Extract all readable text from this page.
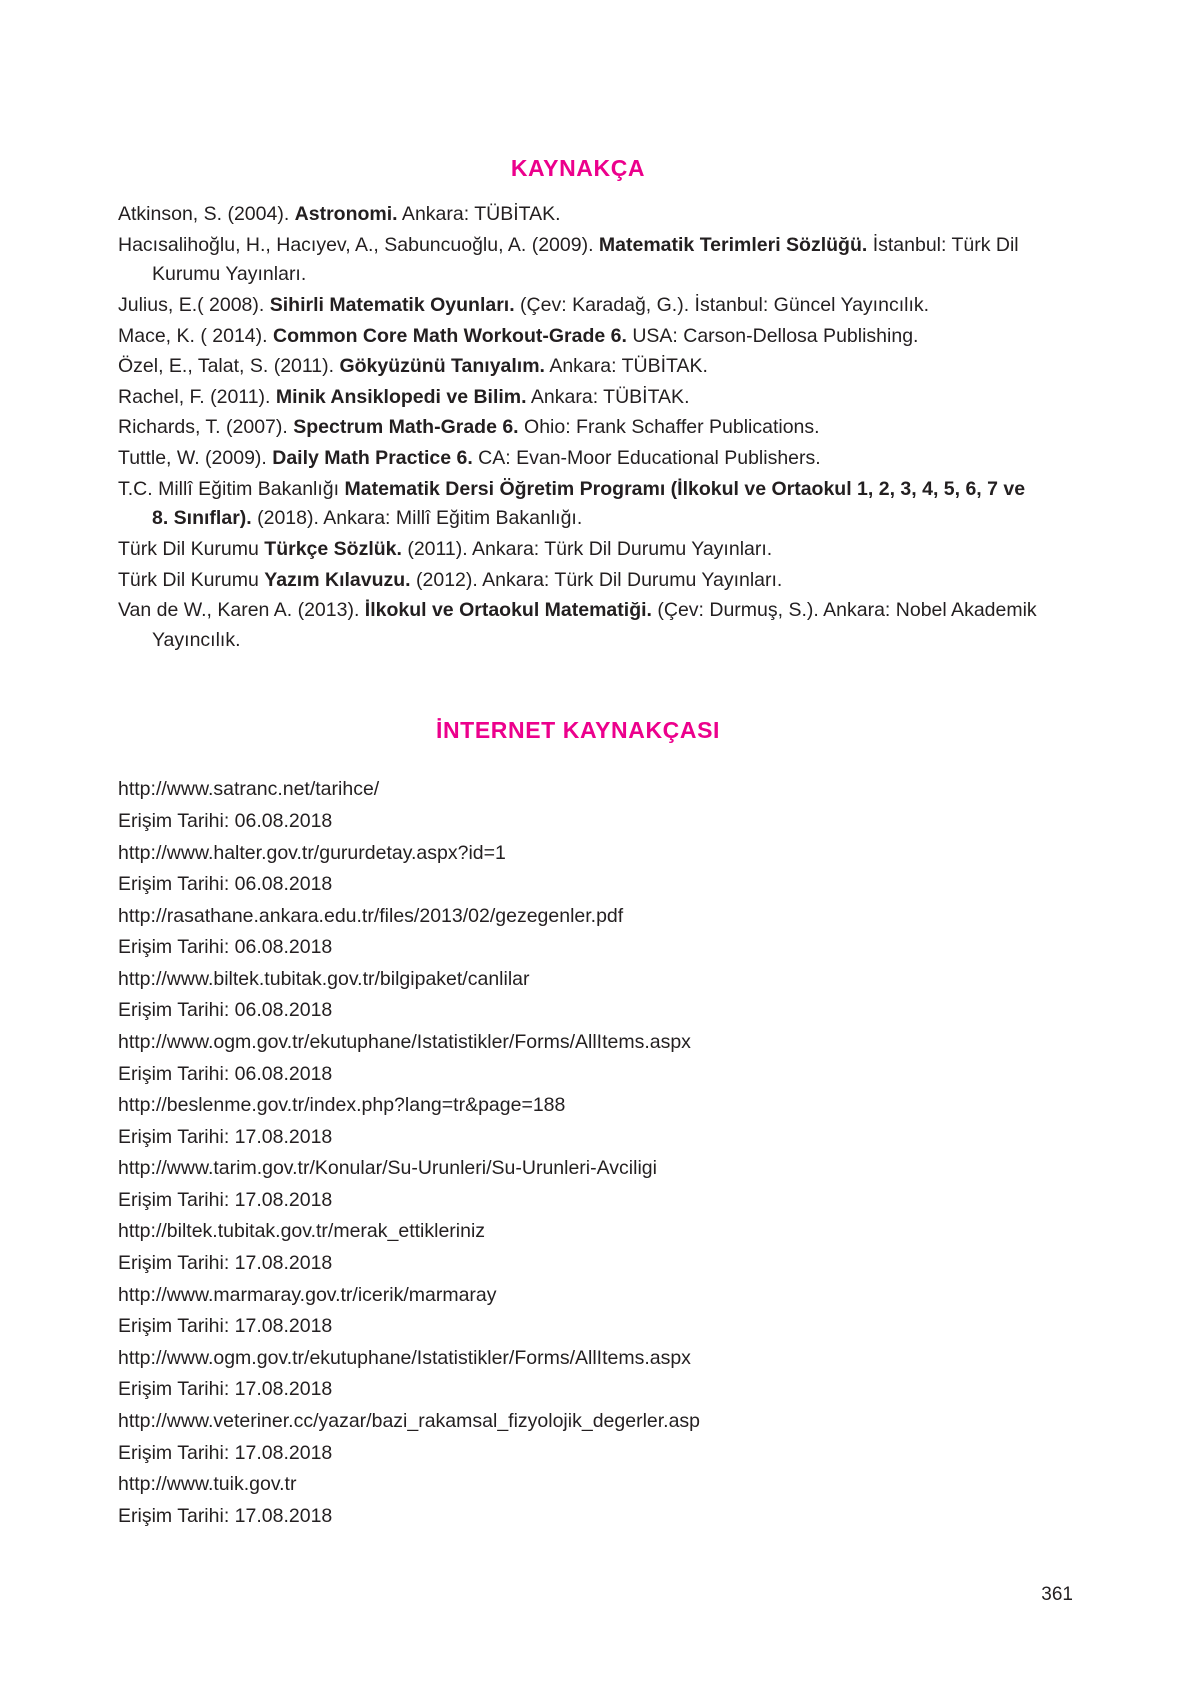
KAYNAKÇA
Atkinson, S. (2004). Astronomi. Ankara: TÜBİTAK.
Hacısalihoğlu, H., Hacıyev, A., Sabuncuoğlu, A. (2009). Matematik Terimleri Sözlüğü. İstanbul: Türk Dil Kurumu Yayınları.
Julius, E.( 2008). Sihirli Matematik Oyunları. (Çev: Karadağ, G.). İstanbul: Güncel Yayıncılık.
Mace, K. ( 2014). Common Core Math Workout-Grade 6. USA: Carson-Dellosa Publishing.
Özel, E., Talat, S. (2011). Gökyüzünü Tanıyalım. Ankara: TÜBİTAK.
Rachel, F. (2011). Minik Ansiklopedi ve Bilim. Ankara: TÜBİTAK.
Richards, T. (2007). Spectrum Math-Grade 6. Ohio: Frank Schaffer Publications.
Tuttle, W. (2009). Daily Math Practice 6. CA: Evan-Moor Educational Publishers.
T.C. Millî Eğitim Bakanlığı Matematik Dersi Öğretim Programı (İlkokul ve Ortaokul 1, 2, 3, 4, 5, 6, 7 ve 8. Sınıflar). (2018). Ankara: Millî Eğitim Bakanlığı.
Türk Dil Kurumu Türkçe Sözlük. (2011). Ankara: Türk Dil Durumu Yayınları.
Türk Dil Kurumu Yazım Kılavuzu. (2012). Ankara: Türk Dil Durumu Yayınları.
Van de W., Karen A. (2013). İlkokul ve Ortaokul Matematiği. (Çev: Durmuş, S.). Ankara: Nobel Akademik Yayıncılık.
İNTERNET KAYNAKÇASI
http://www.satranc.net/tarihce/
Erişim Tarihi: 06.08.2018
http://www.halter.gov.tr/gururdetay.aspx?id=1
Erişim Tarihi: 06.08.2018
http://rasathane.ankara.edu.tr/files/2013/02/gezegenler.pdf
Erişim Tarihi: 06.08.2018
http://www.biltek.tubitak.gov.tr/bilgipaket/canlilar
Erişim Tarihi: 06.08.2018
http://www.ogm.gov.tr/ekutuphane/Istatistikler/Forms/AllItems.aspx
Erişim Tarihi: 06.08.2018
http://beslenme.gov.tr/index.php?lang=tr&page=188
Erişim Tarihi: 17.08.2018
http://www.tarim.gov.tr/Konular/Su-Urunleri/Su-Urunleri-Avciligi
Erişim Tarihi: 17.08.2018
http://biltek.tubitak.gov.tr/merak_ettikleriniz
Erişim Tarihi: 17.08.2018
http://www.marmaray.gov.tr/icerik/marmaray
Erişim Tarihi: 17.08.2018
http://www.ogm.gov.tr/ekutuphane/Istatistikler/Forms/AllItems.aspx
Erişim Tarihi: 17.08.2018
http://www.veteriner.cc/yazar/bazi_rakamsal_fizyolojik_degerler.asp
Erişim Tarihi: 17.08.2018
http://www.tuik.gov.tr
Erişim Tarihi: 17.08.2018
361
